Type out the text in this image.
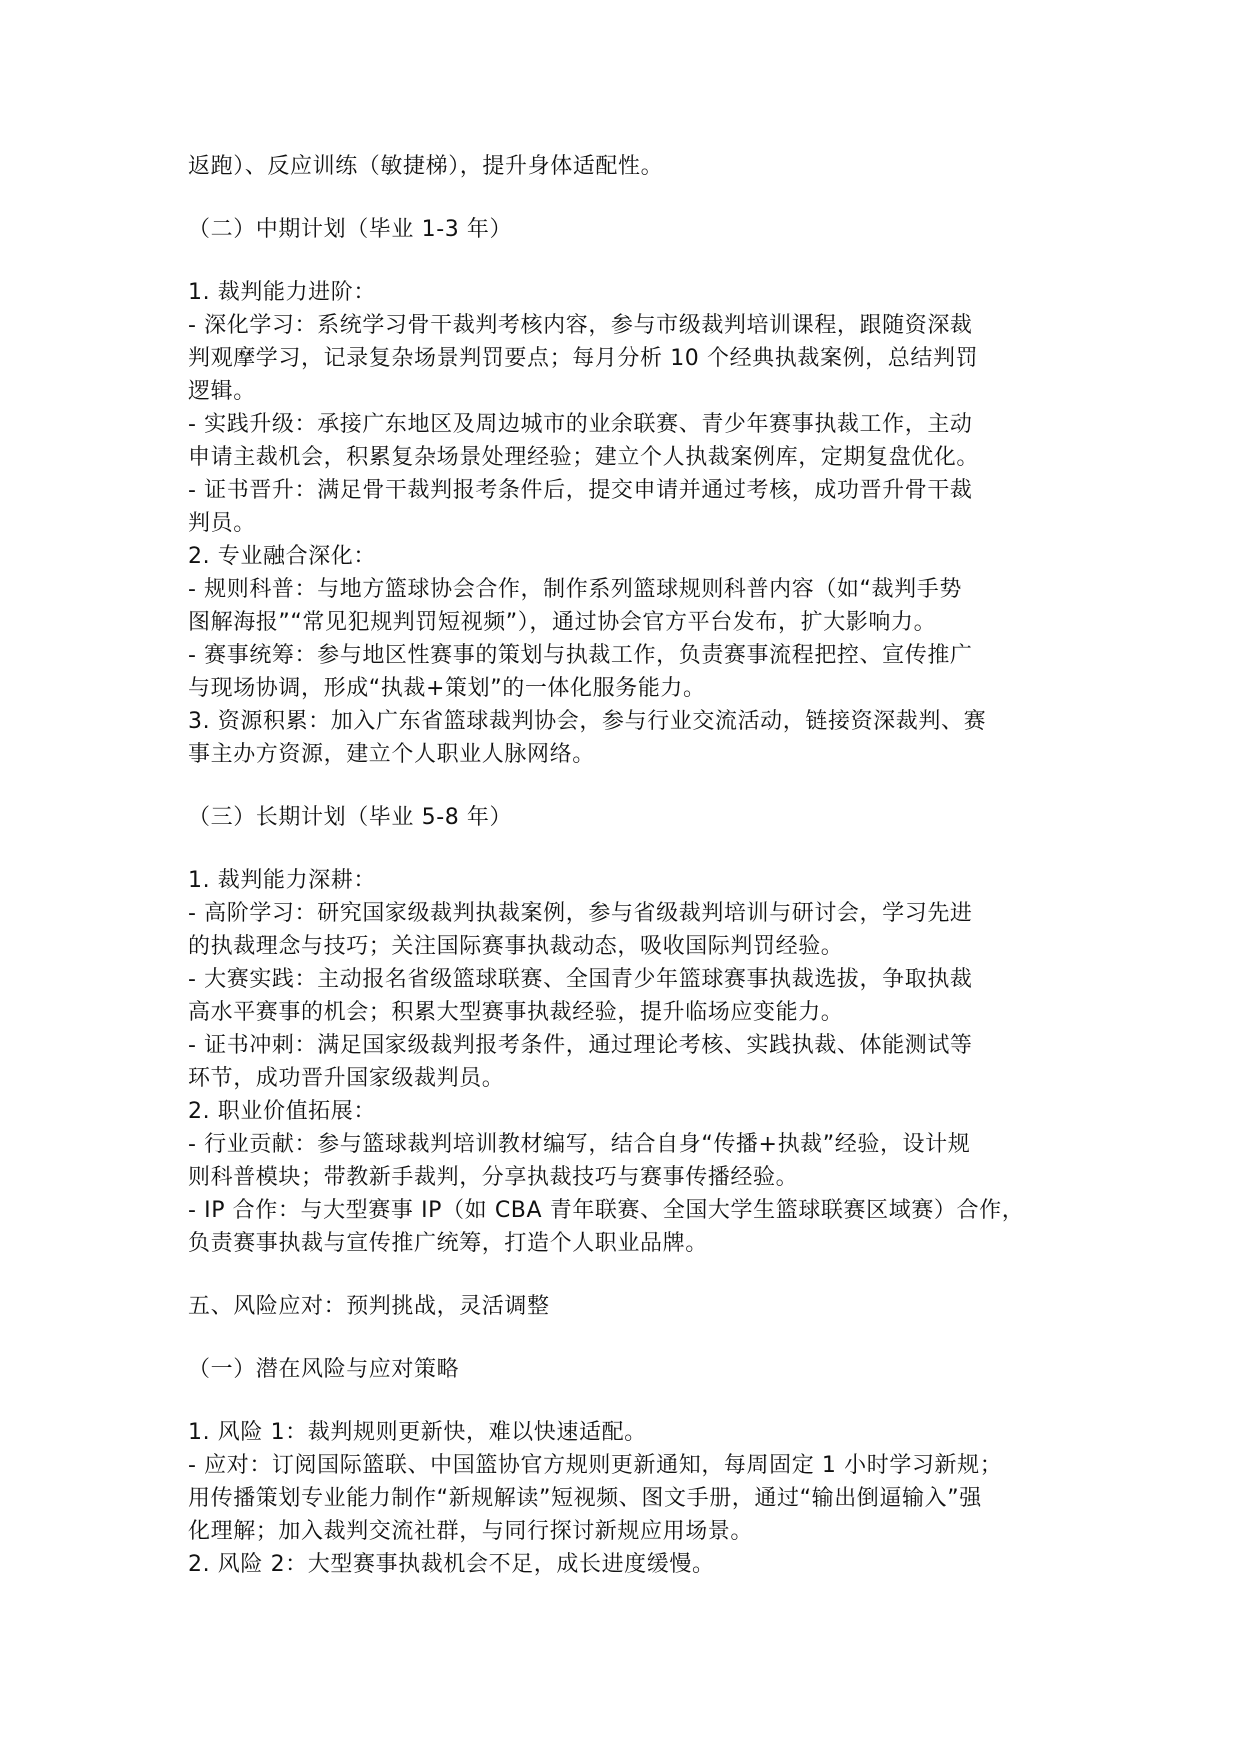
返跑）、反应训练（敏捷梯），提升身体适配性。
（二）中期计划（毕业 1-3 年）
1. 裁判能力进阶：
- 深化学习：系统学习骨干裁判考核内容，参与市级裁判培训课程，跟随资深裁
判观摩学习，记录复杂场景判罚要点；每月分析 10 个经典执裁案例，总结判罚
逻辑。
- 实践升级：承接广东地区及周边城市的业余联赛、青少年赛事执裁工作，主动
申请主裁机会，积累复杂场景处理经验；建立个人执裁案例库，定期复盘优化。
- 证书晋升：满足骨干裁判报考条件后，提交申请并通过考核，成功晋升骨干裁
判员。
2. 专业融合深化：
- 规则科普：与地方篮球协会合作，制作系列篮球规则科普内容（如“裁判手势
图解海报”“常见犯规判罚短视频”），通过协会官方平台发布，扩大影响力。
- 赛事统筹：参与地区性赛事的策划与执裁工作，负责赛事流程把控、宣传推广
与现场协调，形成“执裁+策划”的一体化服务能力。
3. 资源积累：加入广东省篮球裁判协会，参与行业交流活动，链接资深裁判、赛
事主办方资源，建立个人职业人脉网络。
（三）长期计划（毕业 5-8 年）
1. 裁判能力深耕：
- 高阶学习：研究国家级裁判执裁案例，参与省级裁判培训与研讨会，学习先进
的执裁理念与技巧；关注国际赛事执裁动态，吸收国际判罚经验。
- 大赛实践：主动报名省级篮球联赛、全国青少年篮球赛事执裁选拔，争取执裁
高水平赛事的机会；积累大型赛事执裁经验，提升临场应变能力。
- 证书冲刺：满足国家级裁判报考条件，通过理论考核、实践执裁、体能测试等
环节，成功晋升国家级裁判员。
2. 职业价值拓展：
- 行业贡献：参与篮球裁判培训教材编写，结合自身“传播+执裁”经验，设计规
则科普模块；带教新手裁判，分享执裁技巧与赛事传播经验。
- IP 合作：与大型赛事 IP（如 CBA 青年联赛、全国大学生篮球联赛区域赛）合作，
负责赛事执裁与宣传推广统筹，打造个人职业品牌。
五、风险应对：预判挑战，灵活调整
（一）潜在风险与应对策略
1. 风险 1：裁判规则更新快，难以快速适配。
- 应对：订阅国际篮联、中国篮协官方规则更新通知，每周固定 1 小时学习新规；
用传播策划专业能力制作“新规解读”短视频、图文手册，通过“输出倒逼输入”强
化理解；加入裁判交流社群，与同行探讨新规应用场景。
2. 风险 2：大型赛事执裁机会不足，成长进度缓慢。
